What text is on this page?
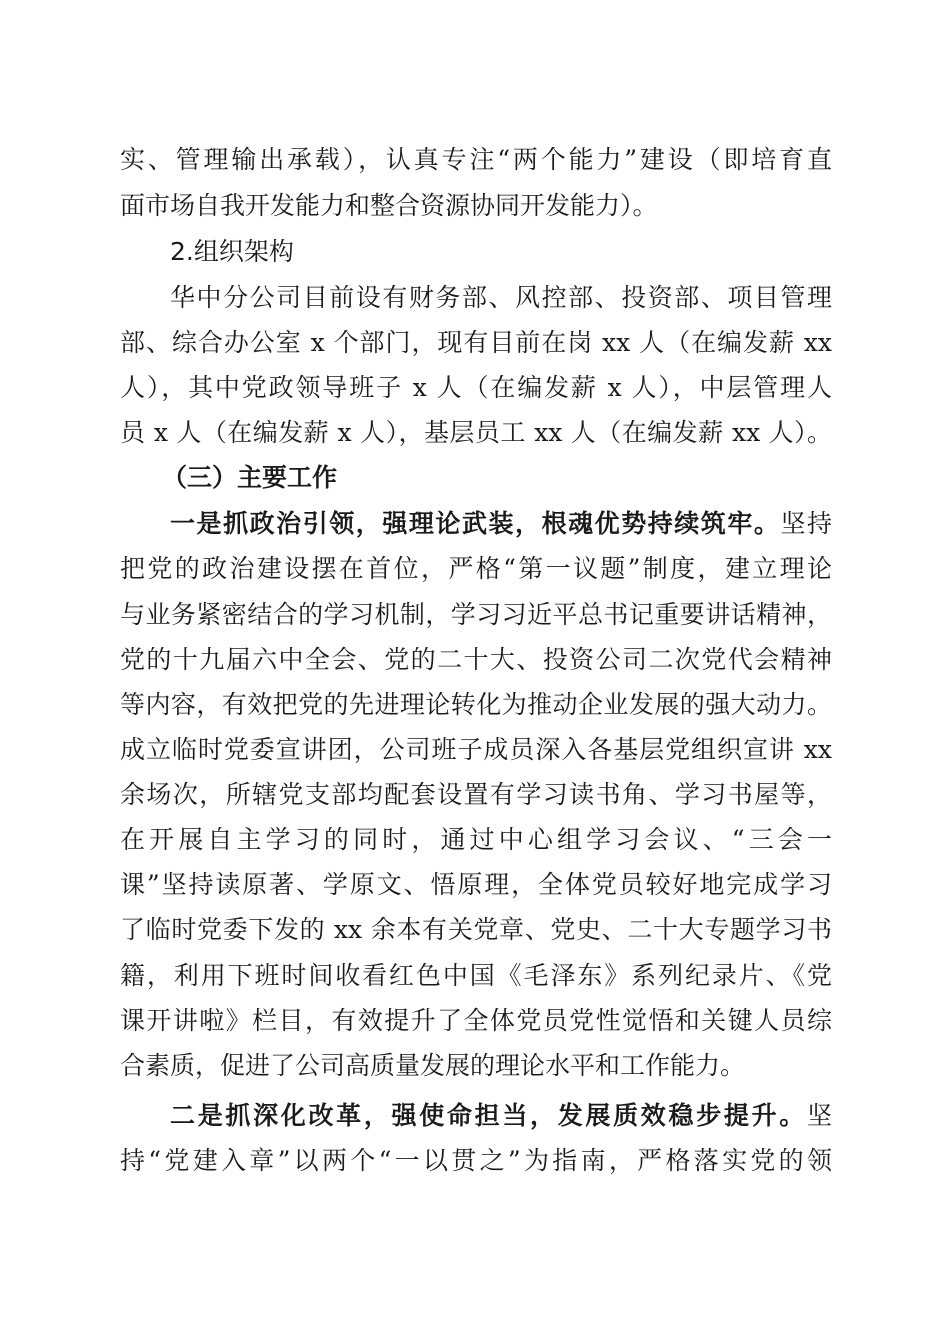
实、管理输出承载），认真专注“两个能力”建设（即培育直
面市场自我开发能力和整合资源协同开发能力）。
2.组织架构
华中分公司目前设有财务部、风控部、投资部、项目管理
部、综合办公室 x 个部门，现有目前在岗 xx 人（在编发薪 xx
人），其中党政领导班子 x 人（在编发薪 x 人），中层管理人
员 x 人（在编发薪 x 人），基层员工 xx 人（在编发薪 xx 人）。
（三）主要工作
一是抓政治引领，强理论武装，根魂优势持续筑牢。坚持
把党的政治建设摆在首位，严格“第一议题”制度，建立理论
与业务紧密结合的学习机制，学习习近平总书记重要讲话精神，
党的十九届六中全会、党的二十大、投资公司二次党代会精神
等内容，有效把党的先进理论转化为推动企业发展的强大动力。
成立临时党委宣讲团，公司班子成员深入各基层党组织宣讲 xx
余场次，所辖党支部均配套设置有学习读书角、学习书屋等，
在开展自主学习的同时，通过中心组学习会议、“三会一
课”坚持读原著、学原文、悟原理，全体党员较好地完成学习
了临时党委下发的 xx 余本有关党章、党史、二十大专题学习书
籍，利用下班时间收看红色中国《毛泽东》系列纪录片、《党
课开讲啦》栏目，有效提升了全体党员党性觉悟和关键人员综
合素质，促进了公司高质量发展的理论水平和工作能力。
二是抓深化改革，强使命担当，发展质效稳步提升。坚
持“党建入章”以两个“一以贯之”为指南，严格落实党的领
